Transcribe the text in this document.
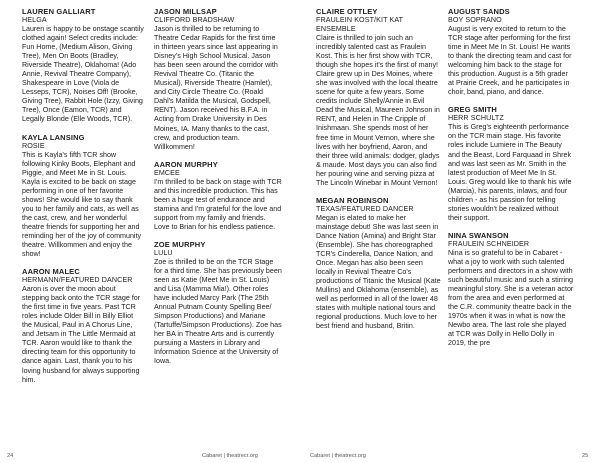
LAUREN GALLIART
HELGA

Lauren is happy to be onstage scantily clothed again! Select credits include: Fun Home, (Medium Alison, Giving Tree), Men On Boots (Bradley, Riverside Theatre), Oklahoma! (Ado Annie, Revival Theatre Company), Shakespeare in Love (Viola de Lesseps, TCR), Noises Off! (Brooke, Giving Tree), Rabbit Hole (Izzy, Giving Tree), Once (Eamon, TCR) and Legally Blonde (Elle Woods, TCR).

KAYLA LANSING
ROSIE

This is Kayla's fifth TCR show following Kinky Boots, Elephant and Piggie, and Meet Me in St. Louis. Kayla is excited to be back on stage performing in one of her favorite shows! She would like to say thank you to her family and cats, as well as the cast, crew, and her wonderful theatre friends for supporting her and reminding her of the joy of community theatre. Willkommen and enjoy the show!

AARON MALEC
HERMANN/FEATURED DANCER

Aaron is over the moon about stepping back onto the TCR stage for the first time in five years. Past TCR roles include Older Bill in Billy Elliot the Musical, Paul in A Chorus Line, and Jetsam in The Little Mermaid at TCR. Aaron would like to thank the directing team for this opportunity to dance again. Last, thank you to his loving husband for always supporting him.

JASON MILLSAP
CLIFFORD BRADSHAW

Jason is thrilled to be returning to Theatre Cedar Rapids for the first time in thirteen years since last appearing in Disney's High School Musical. Jason has been seen around the corridor with Revival Theatre Co. (Titanic the Musical), Riverside Theatre (Hamlet), and City Circle Theatre Co. (Roald Dahl's Matilda the Musical, Godspell, RENT). Jason received his B.F.A. in Acting from Drake University in Des Moines, IA. Many thanks to the cast, crew, and production team. Willkommen!

AARON MURPHY
EMCEE

I'm thrilled to be back on stage with TCR and this incredible production. This has been a huge test of endurance and stamina and I'm grateful for the love and support from my family and friends. Love to Brian for his endless patience.

ZOE MURPHY
LULU

Zoe is thrilled to be on the TCR Stage for a third time. She has previously been seen as Katie (Meet Me in St. Louis) and Lisa (Mamma Mia!). Other roles have included Marcy Park (The 25th Annual Putnam County Spelling Bee/ Simpson Productions) and Mariane (Tartuffe/Simpson Productions). Zoe has her BA in Theatre Arts and is currently pursuing a Masters in Library and Information Science at the University of Iowa.

24	Cabaret | theatrecr.org
CLAIRE OTTLEY
FRAULEIN KOST/KIT KAT ENSEMBLE

Claire is thrilled to join such an incredibly talented cast as Fraulein Kost. This is her first show with TCR, though she hopes it's the first of many! Claire grew up in Des Moines, where she was involved with the local theatre scene for quite a few years. Some credits include Shelly/Annie in Evil Dead the Musical, Maureen Johnson in RENT, and Helen in The Cripple of Inishmaan. She spends most of her free time in Mount Vernon, where she lives with her boyfriend, Aaron, and their three wild animals: dodger, gladys & maude. Most days you can also find her pouring wine and serving pizza at The Lincoln Winebar in Mount Vernon!

MEGAN ROBINSON
TEXAS/FEATURED DANCER

Megan is elated to make her mainstage debut! She was last seen in Dance Nation (Amina) and Bright Star (Ensemble). She has choreographed TCR's Cinderella, Dance Nation, and Once. Megan has also been seen locally in Revival Theatre Co's productions of Titanic the Musical (Kate Mullins) and Oklahoma (ensemble), as well as performed in all of the lower 48 states with multiple national tours and regional productions. Much love to her best friend and husband, Britin.

AUGUST SANDS
BOY SOPRANO

August is very excited to return to the TCR stage after performing for the first time in Meet Me In St. Louis! He wants to thank the directing team and cast for welcoming him back to the stage for this production. August is a 5th grader at Prairie Creek, and he participates in choir, band, piano, and dance.

GREG SMITH
HERR SCHULTZ

This is Greg's eighteenth performance on the TCR main stage. His favorite roles include Lumiere in The Beauty and the Beast, Lord Farquaad in Shrek and was last seen as Mr. Smith in the latest production of Meet Me In St. Louis. Greg would like to thank his wife (Marcia), his parents, inlaws, and four children - as his passion for telling stories wouldn't be realized without their support.

NINA SWANSON
FRAULEIN SCHNEIDER

Nina is so grateful to be in Cabaret - what a joy to work with such talented performers and directors in a show with such beautiful music and such a stirring meaningful story. She is a veteran actor from the area and even performed at the C.R. community theatre back in the 1970s when it was in what is now the Newbo area. The last role she played at TCR was Dolly in Hello Dolly in 2019, the pre

Cabaret | theatrecr.org	25
